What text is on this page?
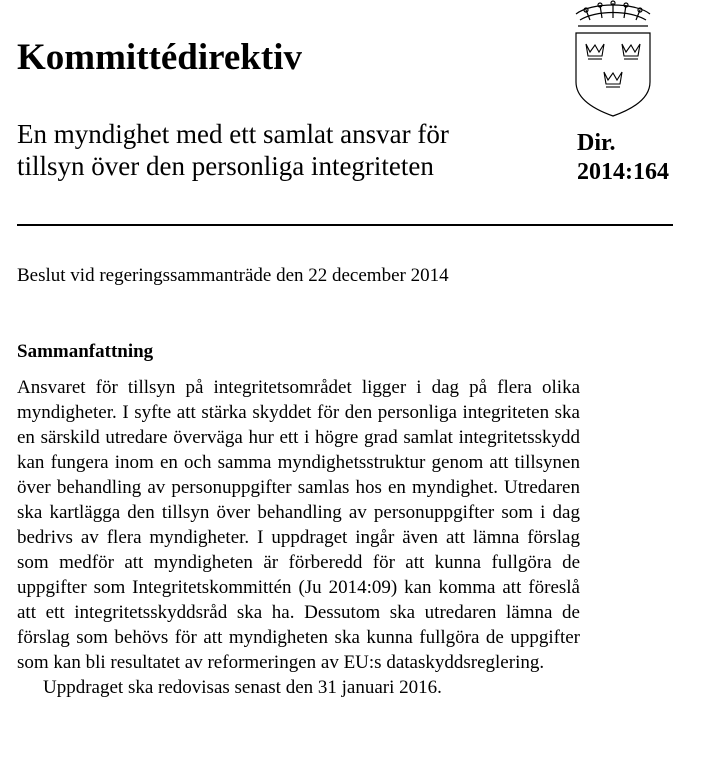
Kommittédirektiv
En myndighet med ett samlat ansvar för
tillsyn över den personliga integriteten
Dir.
2014:164
Beslut vid regeringssammanträde den 22 december 2014
Sammanfattning

Ansvaret för tillsyn på integritetsområdet ligger i dag på flera olika myndigheter. I syfte att stärka skyddet för den personliga integriteten ska en särskild utredare överväga hur ett i högre grad samlat integritetsskydd kan fungera inom en och samma myndighetsstruktur genom att tillsynen över behandling av personuppgifter samlas hos en myndighet. Utredaren ska kartlägga den tillsyn över behandling av personuppgifter som i dag bedrivs av flera myndigheter. I uppdraget ingår även att lämna förslag som medför att myndigheten är förberedd för att kunna fullgöra de uppgifter som Integritetskommittén (Ju 2014:09) kan komma att föreslå att ett integritetsskyddsråd ska ha. Dessutom ska utredaren lämna de förslag som behövs för att myndigheten ska kunna fullgöra de uppgifter som kan bli resultatet av reformeringen av EU:s dataskyddsreglering.

Uppdraget ska redovisas senast den 31 januari 2016.
